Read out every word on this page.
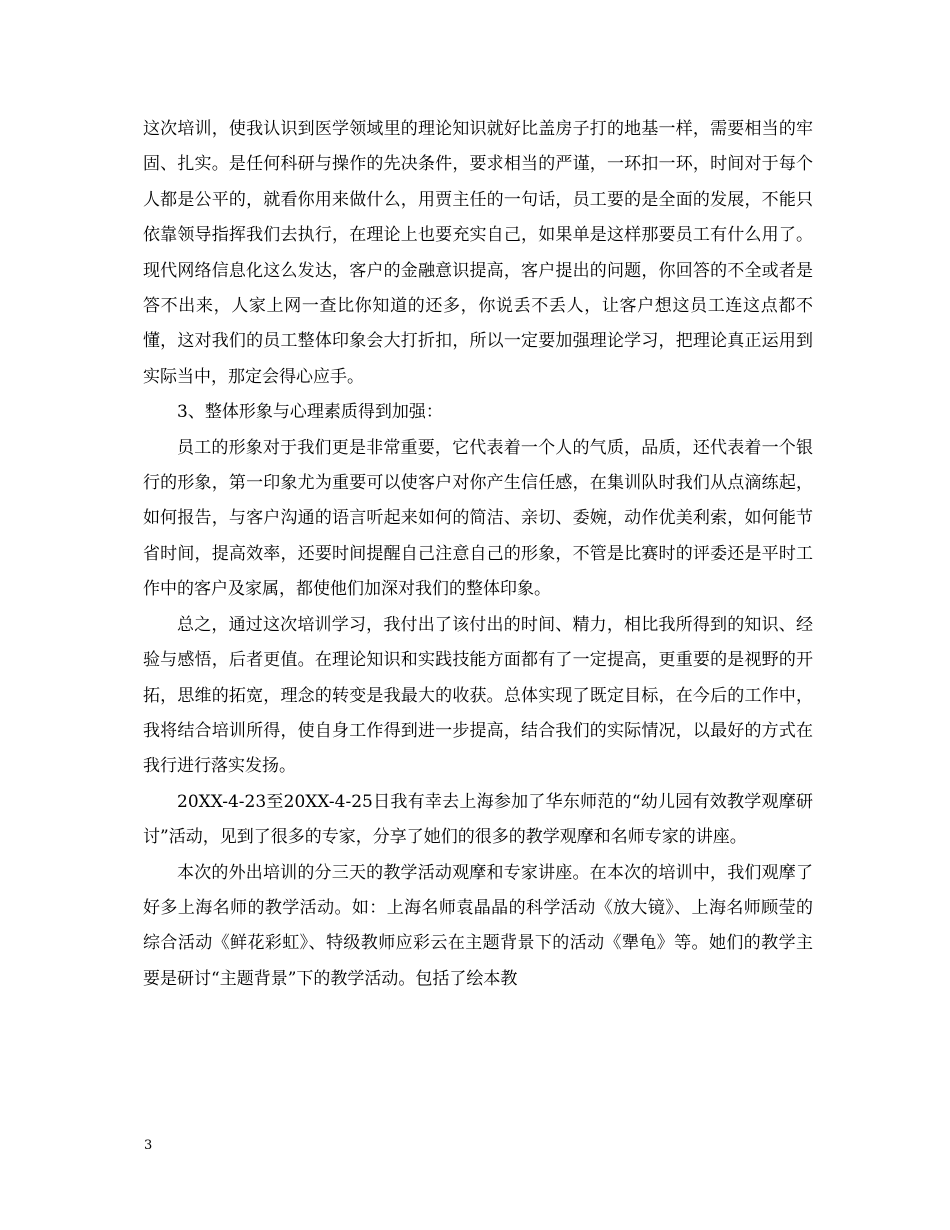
这次培训，使我认识到医学领域里的理论知识就好比盖房子打的地基一样，需要相当的牢固、扎实。是任何科研与操作的先决条件，要求相当的严谨，一环扣一环，时间对于每个人都是公平的，就看你用来做什么，用贾主任的一句话，员工要的是全面的发展，不能只依靠领导指挥我们去执行，在理论上也要充实自己，如果单是这样那要员工有什么用了。现代网络信息化这么发达，客户的金融意识提高，客户提出的问题，你回答的不全或者是答不出来，人家上网一查比你知道的还多，你说丢不丢人，让客户想这员工连这点都不懂，这对我们的员工整体印象会大打折扣，所以一定要加强理论学习，把理论真正运用到实际当中，那定会得心应手。

3、整体形象与心理素质得到加强：

员工的形象对于我们更是非常重要，它代表着一个人的气质，品质，还代表着一个银行的形象，第一印象尤为重要可以使客户对你产生信任感，在集训队时我们从点滴练起，如何报告，与客户沟通的语言听起来如何的简洁、亲切、委婉，动作优美利索，如何能节省时间，提高效率，还要时间提醒自己注意自己的形象，不管是比赛时的评委还是平时工作中的客户及家属，都使他们加深对我们的整体印象。

总之，通过这次培训学习，我付出了该付出的时间、精力，相比我所得到的知识、经验与感悟，后者更值。在理论知识和实践技能方面都有了一定提高，更重要的是视野的开拓，思维的拓宽，理念的转变是我最大的收获。总体实现了既定目标，在今后的工作中，我将结合培训所得，使自身工作得到进一步提高，结合我们的实际情况，以最好的方式在我行进行落实发扬。

20XX-4-23至20XX-4-25日我有幸去上海参加了华东师范的“幼儿园有效教学观摩研讨”活动，见到了很多的专家，分享了她们的很多的教学观摩和名师专家的讲座。

本次的外出培训的分三天的教学活动观摩和专家讲座。在本次的培训中，我们观摩了好多上海名师的教学活动。如：上海名师袁晶晶的科学活动《放大镜》、上海名师顾莹的综合活动《鲜花彩虹》、特级教师应彩云在主题背景下的活动《犟龟》等。她们的教学主要是研讨“主题背景”下的教学活动。包括了绘本教

3
